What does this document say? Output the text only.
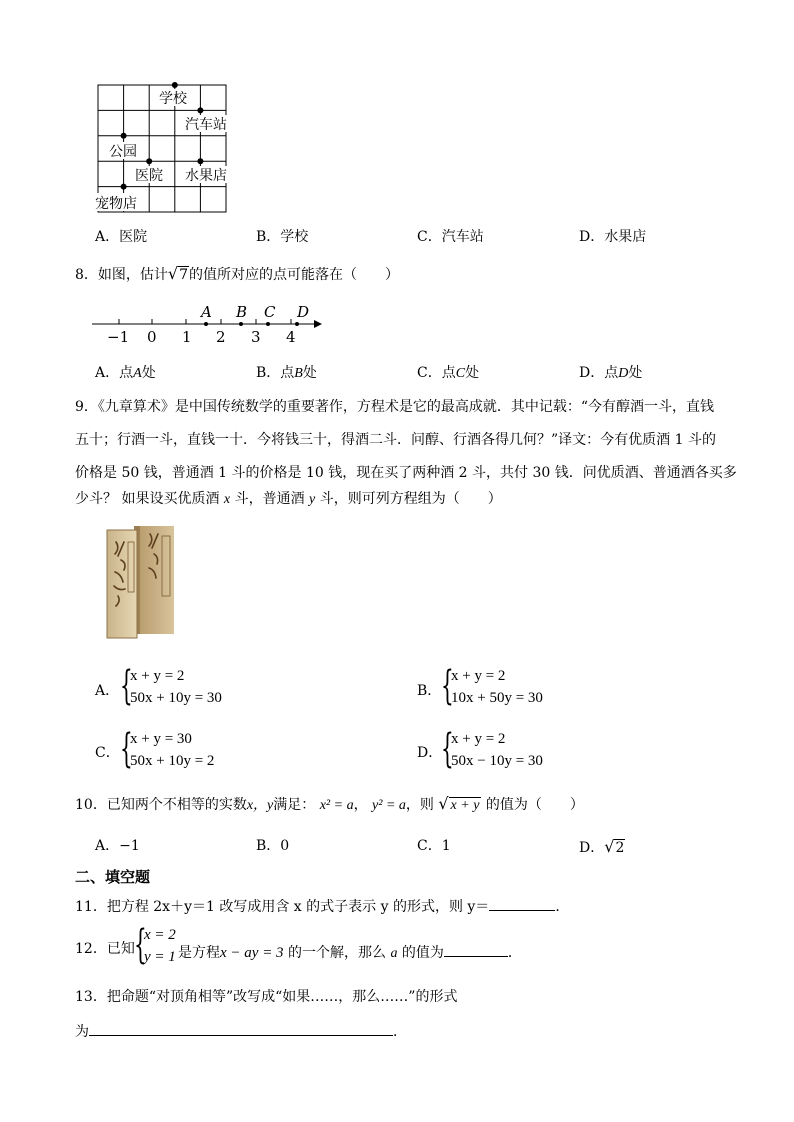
学校
汽车站
公园
医院 水果店
宠物店
A．医院	B．学校	C．汽车站	D．水果店
8．如图，估计√7的值所对应的点可能落在（　　）
−1 0 1 2 3 4
A B C D
A．点A处	B．点B处	C．点C处	D．点D处
9．《九章算术》是中国传统数学的重要著作，方程术是它的最高成就．其中记载：“今有醇酒一斗，直钱
五十；行酒一斗，直钱一十．今将钱三十，得酒二斗．问醇、行酒各得几何？”译文：今有优质酒 1 斗的
价格是 50 钱，普通酒 1 斗的价格是 10 钱，现在买了两种酒 2 斗，共付 30 钱．问优质酒、普通酒各买多
少斗？ 如果设买优质酒 x 斗，普通酒 y 斗，则可列方程组为（　　）
A． {
x + y = 2
50x + 10y = 30	B． {
x + y = 2
10x + 50y = 30
C． {
x + y = 30
50x + 10y = 2	D．
{
x + y = 2
50x − 10y = 30
10．已知两个不相等的实数x，y满足： x² = a， y² = a，则 √ x + y 的值为（　　）
A．−1	B．0	C．1	D．√2
二、填空题
11．把方程 2x＋y＝1 改写成用含 x 的式子表示 y 的形式，则 y＝	．
12．已知 {
x = 2
y = 1 是方程x − ay = 3 的一个解，那么 a 的值为	．
13．把命题“对顶角相等”改写成“如果……，那么……”的形式
为	．
